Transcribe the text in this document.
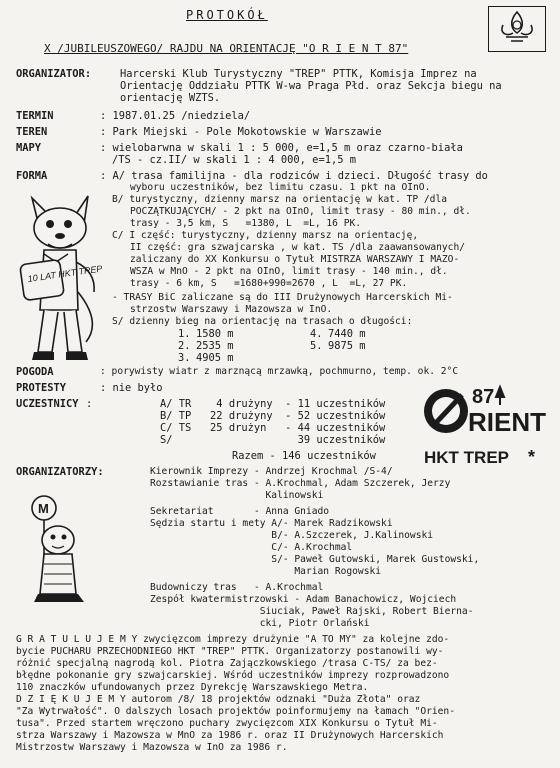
PROTOKÓŁ
X /JUBILEUSZOWEGO/ RAJDU NA ORIENTACJĘ "O R I E N T 87"
ORGANIZATOR:	Harcerski Klub Turystyczny "TREP" PTTK, Komisja Imprez na
Orientację Oddziału PTTK W-wa Praga Płd. oraz Sekcja biegu na
orientację WZTS.
TERMIN	: 1987.01.25 /niedziela/
TEREN	: Park Miejski - Pole Mokotowskie w Warszawie
MAPY	: wielobarwna w skali 1 : 5 000, e=1,5 m oraz czarno-biała
/TS - cz.II/ w skali 1 : 4 000, e=1,5 m
FORMA	: A/ trasa familijna - dla rodziców i dzieci. Długość trasy do
wyboru uczestników, bez limitu czasu. 1 pkt na OInO.
B/ turystyczny, dzienny marsz na orientację w kat. TP /dla
POCZĄTKUJĄCYCH/ - 2 pkt na OInO, limit trasy - 80 min., dł.
trasy - 3,5 km, S   =1380, L  =L, 16 PK.
C/ I część: turystyczny, dzienny marsz na orientację,
II część: gra szwajcarska , w kat. TS /dla zaawansowanych/
zaliczany do XX Konkursu o Tytuł MISTRZA WARSZAWY I MAZO-
WSZA w MnO - 2 pkt na OInO, limit trasy - 140 min., dł.
trasy - 6 km, S   =1680+990=2670 , L  =L, 27 PK.
- TRASY BiC zaliczane są do III Drużynowych Harcerskich Mi-
strzostw Warszawy i Mazowsza w InO.
S/ dzienny bieg na orientację na trasach o długości:
1. 1580 m
2. 2535 m
3. 4905 m
4. 7440 m
5. 9875 m
POGODA	: porywisty wiatr z marznącą mrzawką, pochmurno, temp. ok. 2°C
PROTESTY	: nie było
UCZESTNICY :	A/ TR    4 drużyny  - 11 uczestników
B/ TP   22 drużyny  - 52 uczestników
C/ TS   25 drużyn   - 44 uczestników
S/                    39 uczestników
Razem - 146 uczestników
87
RIENT
HKT TREP *
ORGANIZATORZY:	Kierownik Imprezy - Andrzej Krochmal /S-4/
Rozstawianie tras - A.Krochmal, Adam Szczerek, Jerzy
Kalinowski
Sekretariat       - Anna Gniado
Sędzia startu i mety A/- Marek Radzikowski
B/- A.Szczerek, J.Kalinowski
C/- A.Krochmal
S/- Paweł Gutowski, Marek Gustowski,
Marian Rogowski
Budowniczy tras   - A.Krochmal
Zespół kwatermistrzowski - Adam Banachowicz, Wojciech
Siuciak, Paweł Rajski, Robert Bierna-
cki, Piotr Orlański
G R A T U L U J E M Y zwycięzcom imprezy drużynie "A TO MY" za kolejne zdo-
bycie PUCHARU PRZECHODNIEGO HKT "TREP" PTTK. Organizatorzy postanowili wy-
różnić specjalną nagrodą kol. Piotra Zajączkowskiego /trasa C-TS/ za bez-
błędne pokonanie gry szwajcarskiej. Wśród uczestników imprezy rozprowadzono
110 znaczków ufundowanych przez Dyrekcję Warszawskiego Metra.
D Z I Ę K U J E M Y autorom /8/ 18 projektów odznaki "Duża Złota" oraz
"Za Wytrwałość". O dalszych losach projektów poinformujemy na łamach "Orien-
tusa". Przed startem wręczono puchary zwycięzcom XIX Konkursu o Tytuł Mi-
strza Warszawy i Mazowsza w MnO za 1986 r. oraz II Drużynowych Harcerskich
Mistrzostw Warszawy i Mazowsza w InO za 1986 r.
10 LAT HKT TREP
M
